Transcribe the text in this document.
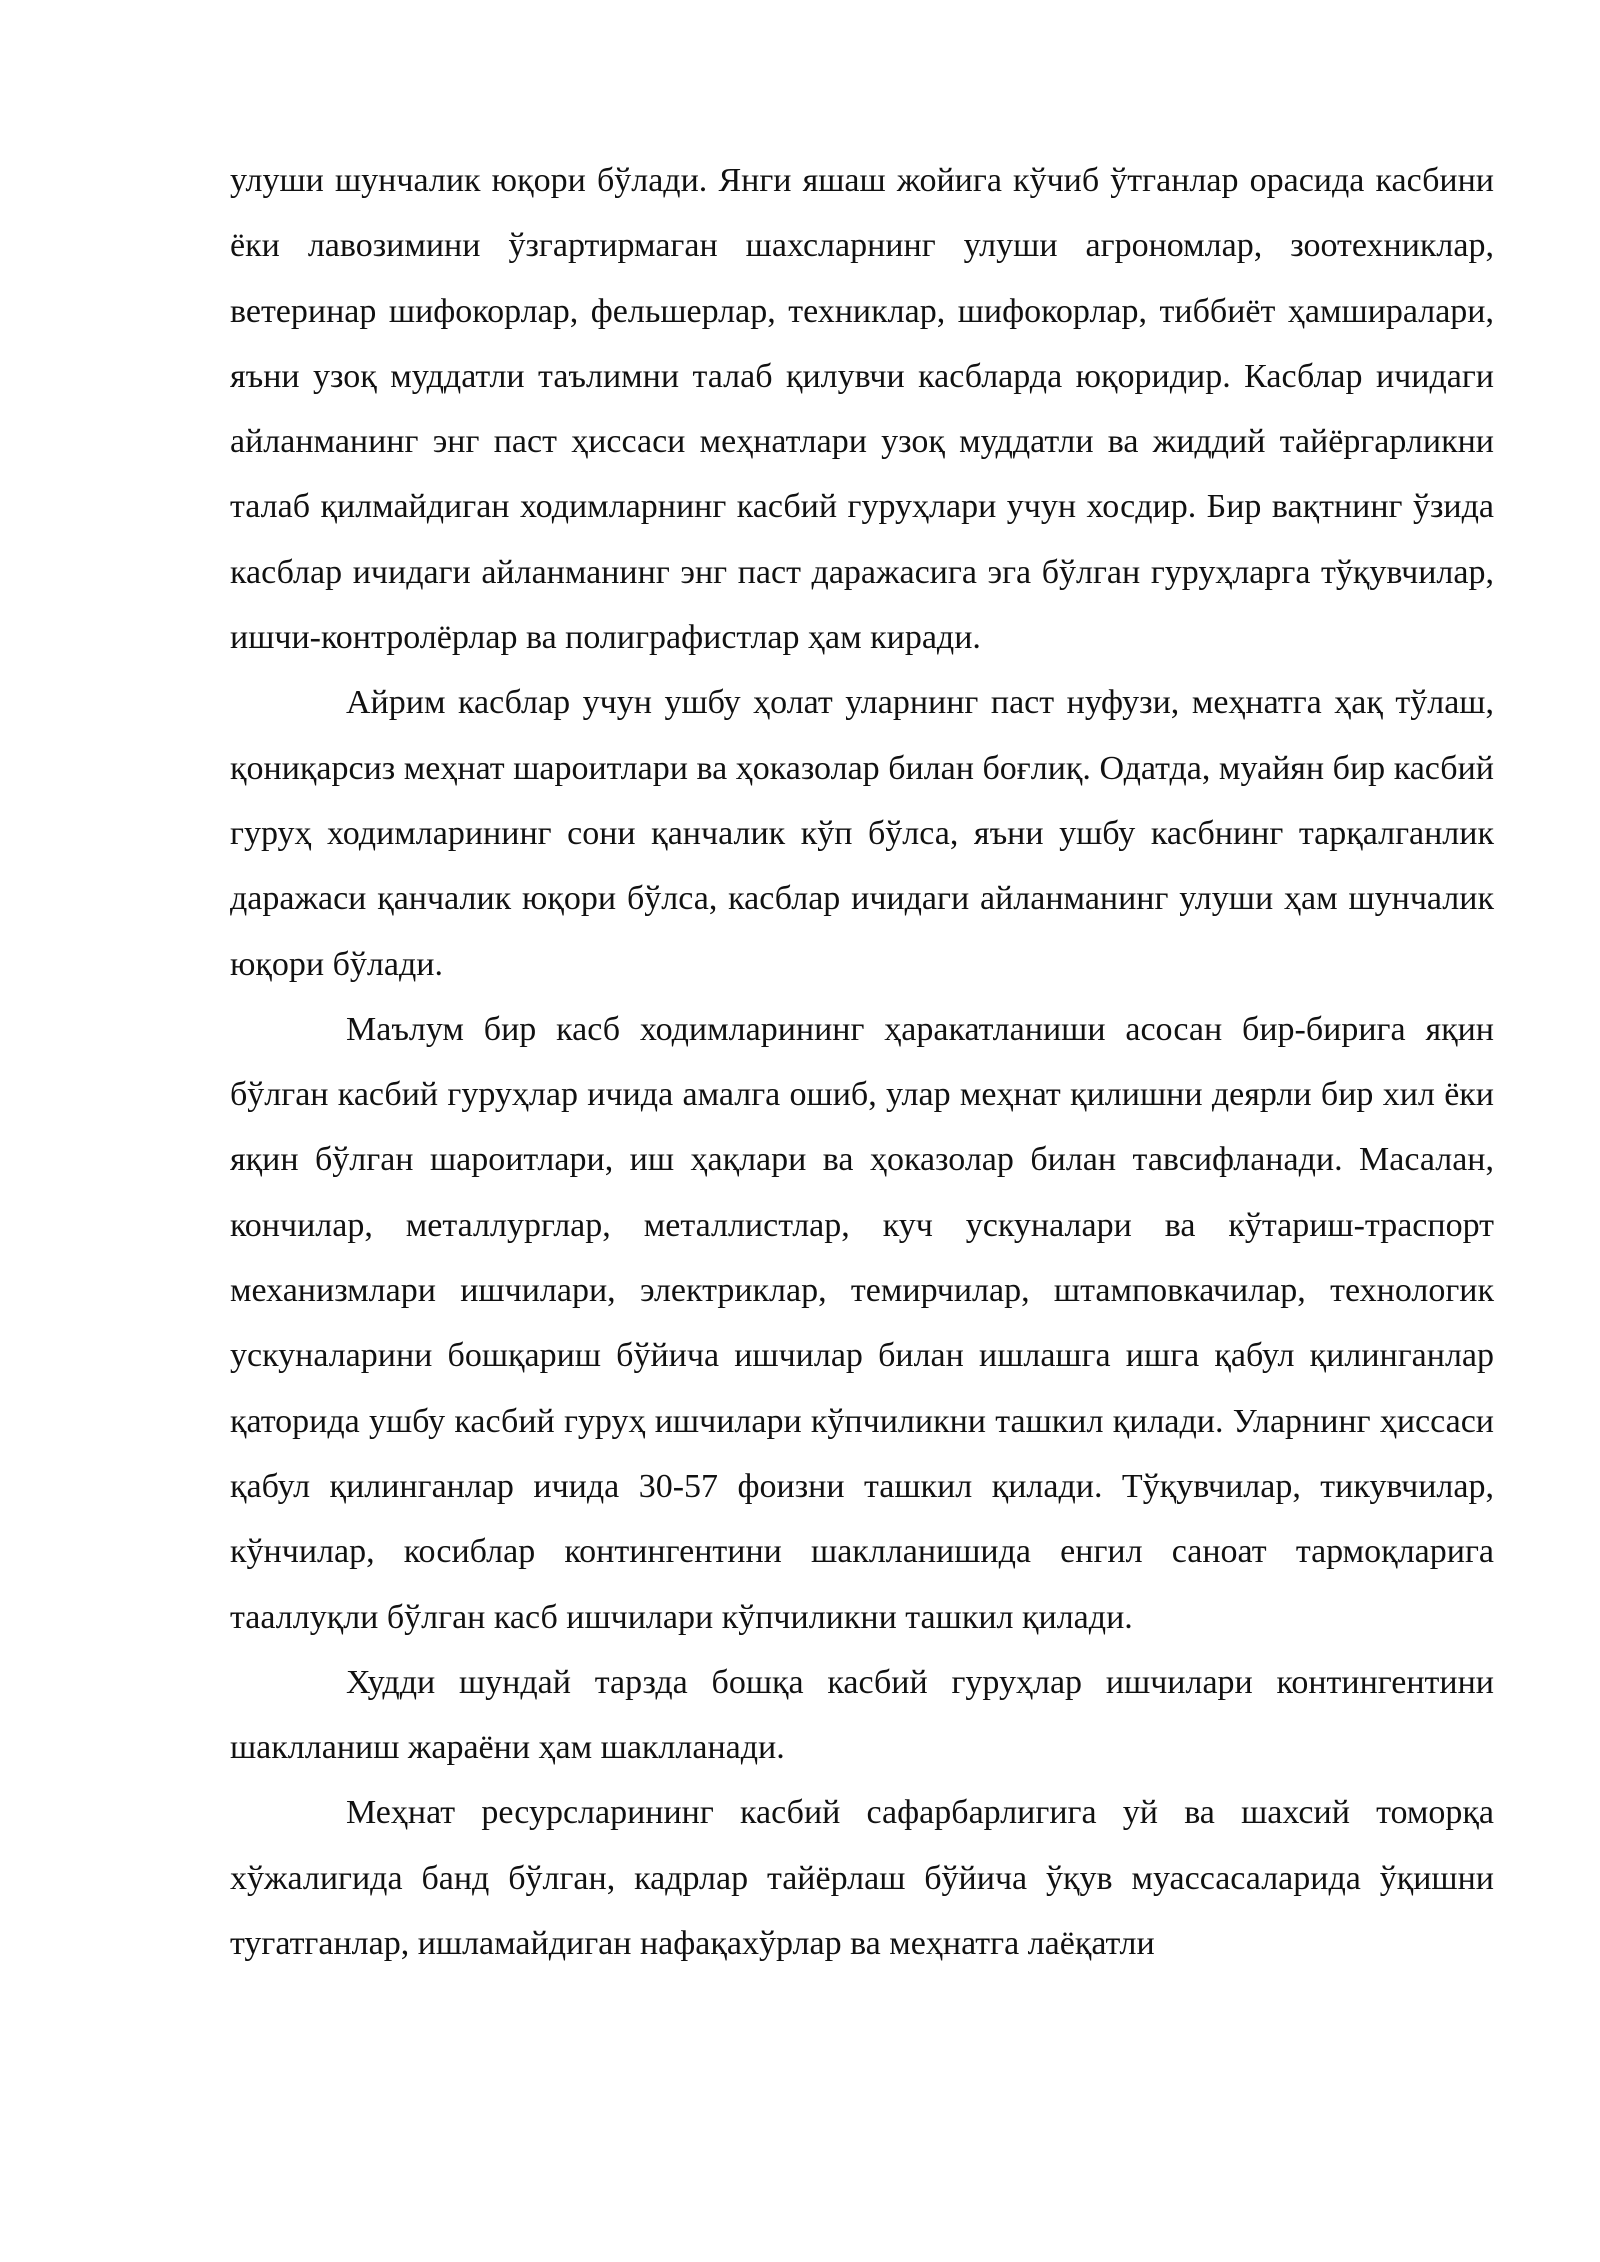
улуши шунчалик юқори бўлади. Янги яшаш жойига кўчиб ўтганлар орасида касбини ёки лавозимини ўзгартирмаган шахсларнинг улуши агрономлар, зоотехниклар, ветеринар шифокорлар, фельшерлар, техниклар, шифокорлар, тиббиёт ҳамширалари, яъни узоқ муддатли таълимни талаб қилувчи касбларда юқоридир. Касблар ичидаги айланманинг энг паст ҳиссаси меҳнатлари узоқ муддатли ва жиддий тайёргарликни талаб қилмайдиган ходимларнинг касбий гуруҳлари учун хосдир. Бир вақтнинг ўзида касблар ичидаги айланманинг энг паст даражасига эга бўлган гуруҳларга тўқувчилар, ишчи-контролёрлар ва полиграфистлар ҳам киради.

Айрим касблар учун ушбу ҳолат уларнинг паст нуфузи, меҳнатга ҳақ тўлаш, қониқарсиз меҳнат шароитлари ва ҳоказолар билан боғлиқ. Одатда, муайян бир касбий гуруҳ ходимларининг сони қанчалик кўп бўлса, яъни ушбу касбнинг тарқалганлик даражаси қанчалик юқори бўлса, касблар ичидаги айланманинг улуши ҳам шунчалик юқори бўлади.

Маълум бир касб ходимларининг ҳаракатланиши асосан бир-бирига яқин бўлган касбий гуруҳлар ичида амалга ошиб, улар меҳнат қилишни деярли бир хил ёки яқин бўлган шароитлари, иш ҳақлари ва ҳоказолар билан тавсифланади. Масалан, кончилар, металлурглар, металлистлар, куч ускуналари ва кўтариш-траспорт механизмлари ишчилари, электриклар, темирчилар, штамповкачилар, технологик ускуналарини бошқариш бўйича ишчилар билан ишлашга ишга қабул қилинганлар қаторида ушбу касбий гуруҳ ишчилари кўпчиликни ташкил қилади. Уларнинг ҳиссаси қабул қилинганлар ичида 30-57 фоизни ташкил қилади. Тўқувчилар, тикувчилар, кўнчилар, косиблар контингентини шаклланишида енгил саноат тармоқларига тааллуқли бўлган касб ишчилари кўпчиликни ташкил қилади.

Худди шундай тарзда бошқа касбий гуруҳлар ишчилари контингентини шаклланиш жараёни ҳам шаклланади.

Меҳнат ресурсларининг касбий сафарбарлигига уй ва шахсий томорқа хўжалигида банд бўлган, кадрлар тайёрлаш бўйича ўқув муассасаларида ўқишни тугатганлар, ишламайдиган нафақахўрлар ва меҳнатга лаёқатли
